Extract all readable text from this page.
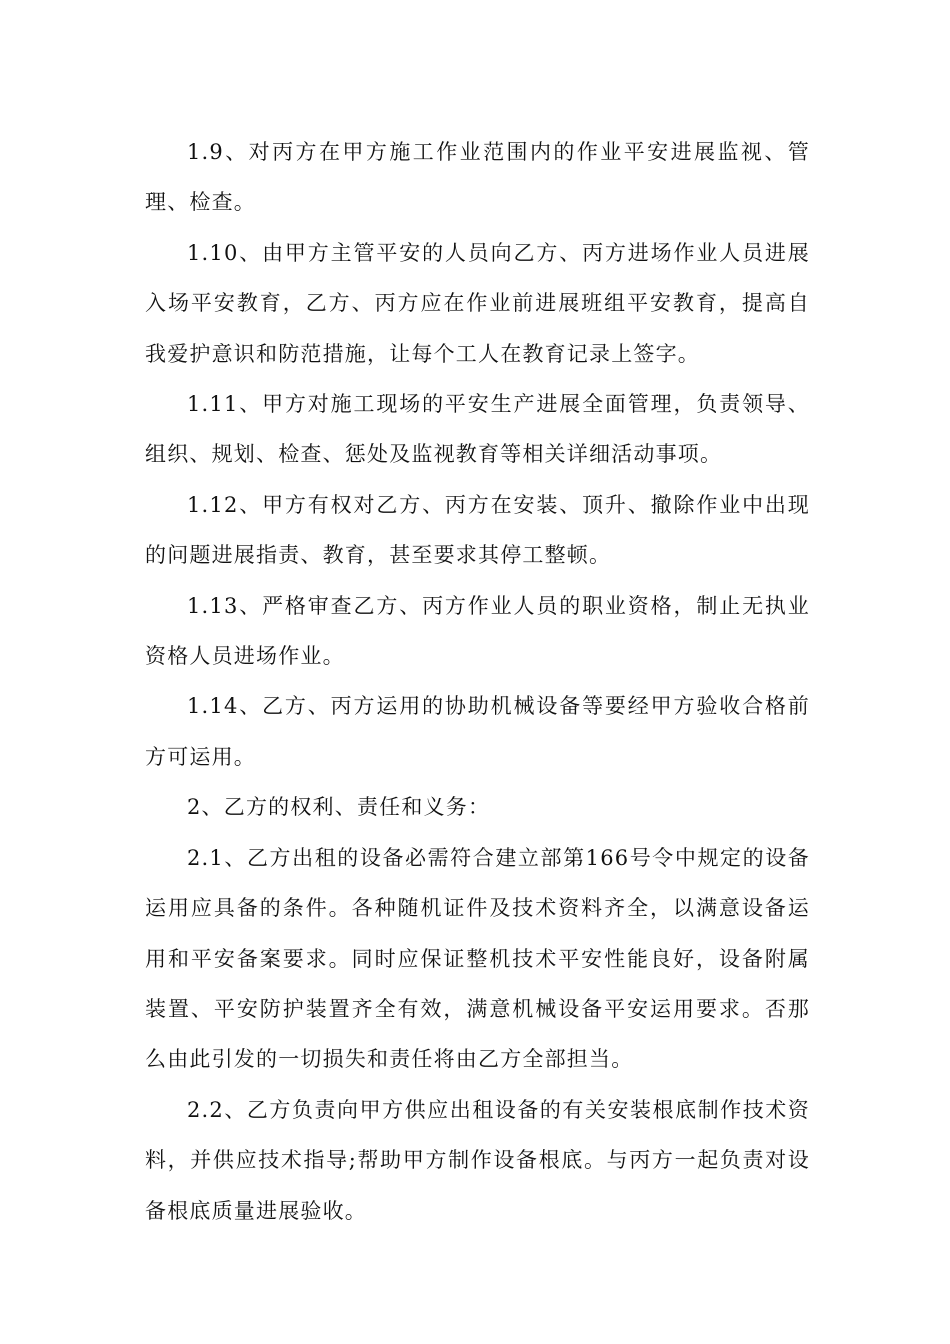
1.9、对丙方在甲方施工作业范围内的作业平安进展监视、管理、检查。

1.10、由甲方主管平安的人员向乙方、丙方进场作业人员进展入场平安教育，乙方、丙方应在作业前进展班组平安教育，提高自我爱护意识和防范措施，让每个工人在教育记录上签字。

1.11、甲方对施工现场的平安生产进展全面管理，负责领导、组织、规划、检查、惩处及监视教育等相关详细活动事项。

1.12、甲方有权对乙方、丙方在安装、顶升、撤除作业中出现的问题进展指责、教育，甚至要求其停工整顿。

1.13、严格审查乙方、丙方作业人员的职业资格，制止无执业资格人员进场作业。

1.14、乙方、丙方运用的协助机械设备等要经甲方验收合格前方可运用。

2、乙方的权利、责任和义务：

2.1、乙方出租的设备必需符合建立部第166号令中规定的设备运用应具备的条件。各种随机证件及技术资料齐全，以满意设备运用和平安备案要求。同时应保证整机技术平安性能良好，设备附属装置、平安防护装置齐全有效，满意机械设备平安运用要求。否那么由此引发的一切损失和责任将由乙方全部担当。

2.2、乙方负责向甲方供应出租设备的有关安装根底制作技术资料，并供应技术指导;帮助甲方制作设备根底。与丙方一起负责对设备根底质量进展验收。
